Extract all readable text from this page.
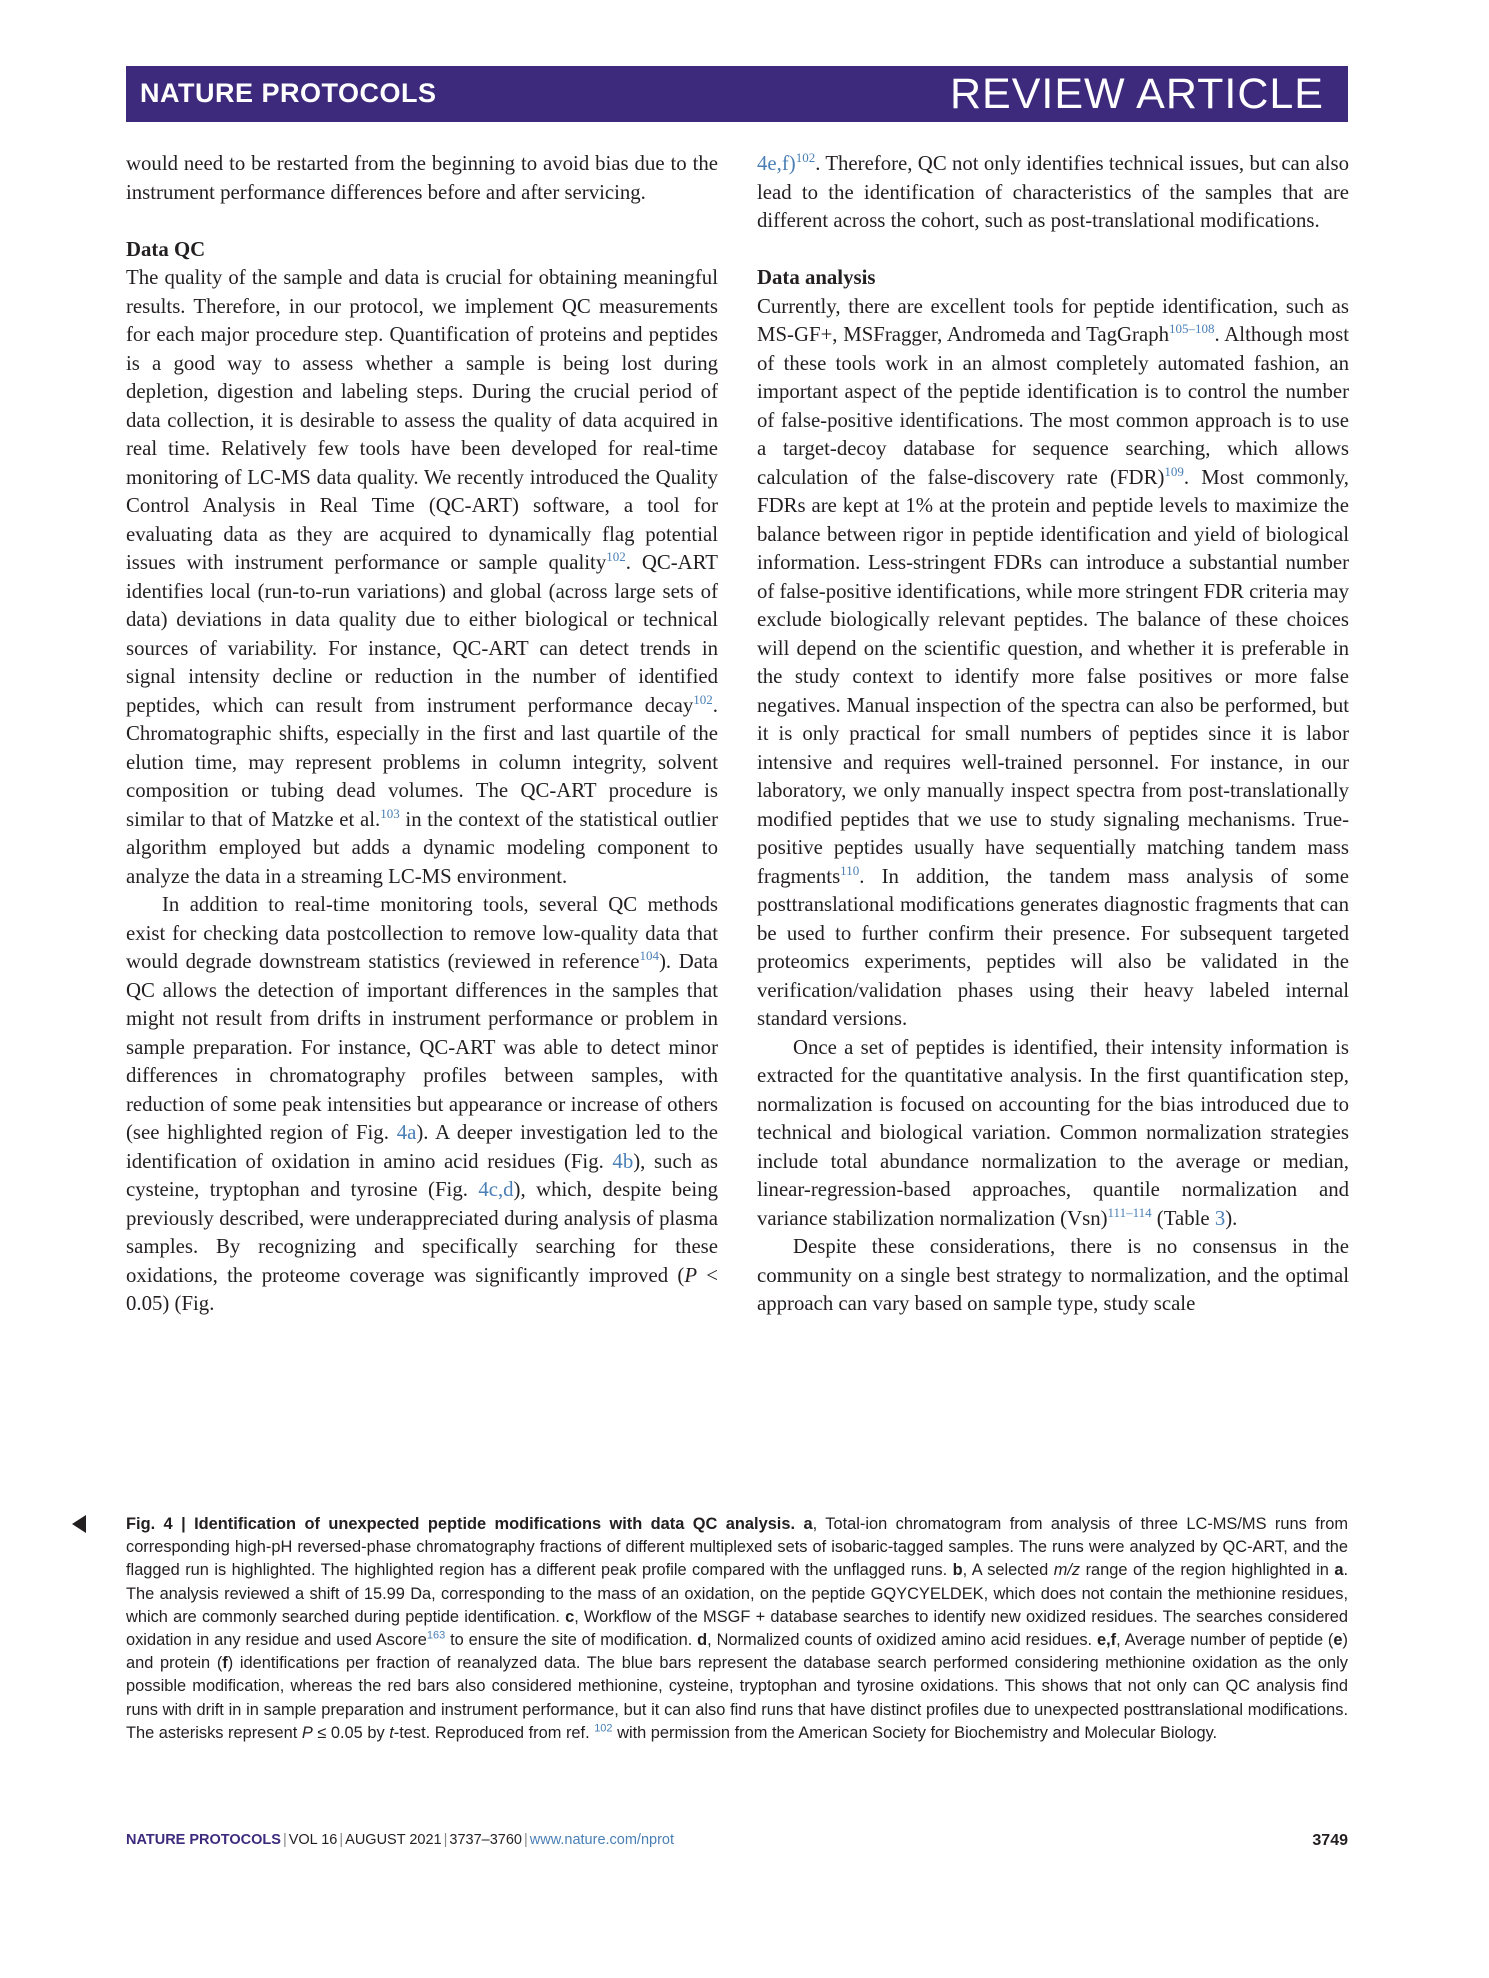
NATURE PROTOCOLS	REVIEW ARTICLE

would need to be restarted from the beginning to avoid bias due to the instrument performance differences before and after servicing.

Data QC

The quality of the sample and data is crucial for obtaining meaningful results. Therefore, in our protocol, we implement QC measurements for each major procedure step. Quantification of proteins and peptides is a good way to assess whether a sample is being lost during depletion, digestion and labeling steps. During the crucial period of data collection, it is desirable to assess the quality of data acquired in real time. Relatively few tools have been developed for real-time monitoring of LC-MS data quality. We recently introduced the Quality Control Analysis in Real Time (QC-ART) software, a tool for evaluating data as they are acquired to dynamically flag potential issues with instrument performance or sample quality$^{102}$. QC-ART identifies local (run-to-run variations) and global (across large sets of data) deviations in data quality due to either biological or technical sources of variability. For instance, QC-ART can detect trends in signal intensity decline or reduction in the number of identified peptides, which can result from instrument performance decay$^{102}$. Chromatographic shifts, especially in the first and last quartile of the elution time, may represent problems in column integrity, solvent composition or tubing dead volumes. The QC-ART procedure is similar to that of Matzke et al.$^{103}$ in the context of the statistical outlier algorithm employed but adds a dynamic modeling component to analyze the data in a streaming LC-MS environment.

In addition to real-time monitoring tools, several QC methods exist for checking data postcollection to remove low-quality data that would degrade downstream statistics (reviewed in reference$^{104}$). Data QC allows the detection of important differences in the samples that might not result from drifts in instrument performance or problem in sample preparation. For instance, QC-ART was able to detect minor differences in chromatography profiles between samples, with reduction of some peak intensities but appearance or increase of others (see highlighted region of Fig. 4a). A deeper investigation led to the identification of oxidation in amino acid residues (Fig. 4b), such as cysteine, tryptophan and tyrosine (Fig. 4c,d), which, despite being previously described, were underappreciated during analysis of plasma samples. By recognizing and specifically searching for these oxidations, the proteome coverage was significantly improved (P < 0.05) (Fig.

4e,f)$^{102}$. Therefore, QC not only identifies technical issues, but can also lead to the identification of characteristics of the samples that are different across the cohort, such as post-translational modifications.

Data analysis

Currently, there are excellent tools for peptide identification, such as MS-GF+, MSFragger, Andromeda and TagGraph$^{105-108}$. Although most of these tools work in an almost completely automated fashion, an important aspect of the peptide identification is to control the number of false-positive identifications. The most common approach is to use a target-decoy database for sequence searching, which allows calculation of the false-discovery rate (FDR)$^{109}$. Most commonly, FDRs are kept at 1% at the protein and peptide levels to maximize the balance between rigor in peptide identification and yield of biological information. Less-stringent FDRs can introduce a substantial number of false-positive identifications, while more stringent FDR criteria may exclude biologically relevant peptides. The balance of these choices will depend on the scientific question, and whether it is preferable in the study context to identify more false positives or more false negatives. Manual inspection of the spectra can also be performed, but it is only practical for small numbers of peptides since it is labor intensive and requires well-trained personnel. For instance, in our laboratory, we only manually inspect spectra from post-translationally modified peptides that we use to study signaling mechanisms. True-positive peptides usually have sequentially matching tandem mass fragments$^{110}$. In addition, the tandem mass analysis of some posttranslational modifications generates diagnostic fragments that can be used to further confirm their presence. For subsequent targeted proteomics experiments, peptides will also be validated in the verification/validation phases using their heavy labeled internal standard versions.

Once a set of peptides is identified, their intensity information is extracted for the quantitative analysis. In the first quantification step, normalization is focused on accounting for the bias introduced due to technical and biological variation. Common normalization strategies include total abundance normalization to the average or median, linear-regression-based approaches, quantile normalization and variance stabilization normalization (Vsn)$^{111-114}$ (Table 3).

Despite these considerations, there is no consensus in the community on a single best strategy to normalization, and the optimal approach can vary based on sample type, study scale

Fig. 4 | Identification of unexpected peptide modifications with data QC analysis. a, Total-ion chromatogram from analysis of three LC-MS/MS runs from corresponding high-pH reversed-phase chromatography fractions of different multiplexed sets of isobaric-tagged samples. The runs were analyzed by QC-ART, and the flagged run is highlighted. The highlighted region has a different peak profile compared with the unflagged runs. b, A selected m/z range of the region highlighted in a. The analysis reviewed a shift of 15.99 Da, corresponding to the mass of an oxidation, on the peptide GQYCYELDEK, which does not contain the methionine residues, which are commonly searched during peptide identification. c, Workflow of the MSGF + database searches to identify new oxidized residues. The searches considered oxidation in any residue and used Ascore$^{163}$ to ensure the site of modification. d, Normalized counts of oxidized amino acid residues. e,f, Average number of peptide (e) and protein (f) identifications per fraction of reanalyzed data. The blue bars represent the database search performed considering methionine oxidation as the only possible modification, whereas the red bars also considered methionine, cysteine, tryptophan and tyrosine oxidations. This shows that not only can QC analysis find runs with drift in in sample preparation and instrument performance, but it can also find runs that have distinct profiles due to unexpected posttranslational modifications. The asterisks represent P ≤ 0.05 by t-test. Reproduced from ref. $^{102}$ with permission from the American Society for Biochemistry and Molecular Biology.
NATURE PROTOCOLS | VOL 16 | AUGUST 2021 | 3737–3760 | www.nature.com/nprot	3749
